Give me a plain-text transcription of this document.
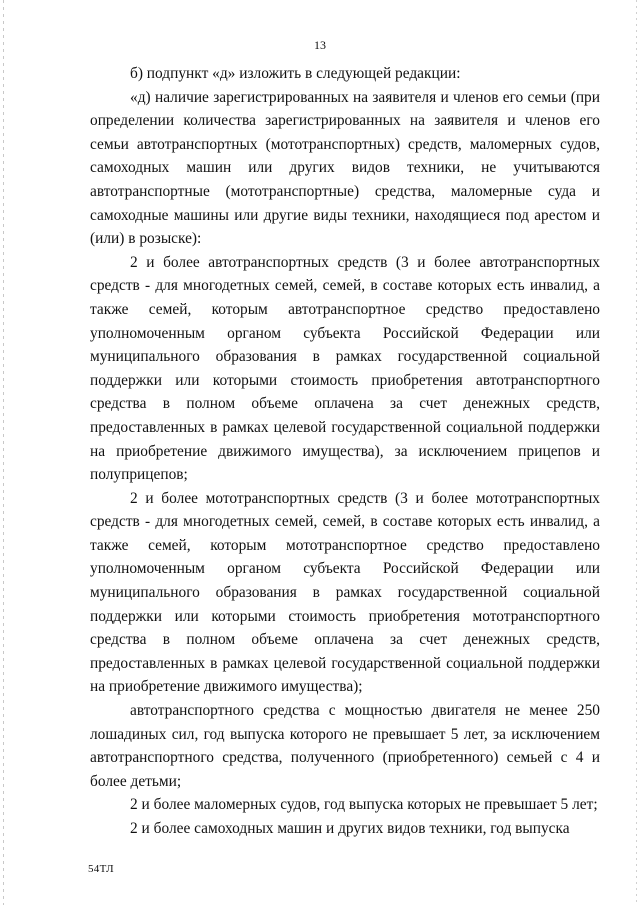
13

б) подпункт «д» изложить в следующей редакции:

«д) наличие зарегистрированных на заявителя и членов его семьи (при определении количества зарегистрированных на заявителя и членов его семьи автотранспортных (мототранспортных) средств, маломерных судов, самоходных машин или других видов техники, не учитываются автотранспортные (мототранспортные) средства, маломерные суда и самоходные машины или другие виды техники, находящиеся под арестом и (или) в розыске):

2 и более автотранспортных средств (3 и более автотранспортных средств - для многодетных семей, семей, в составе которых есть инвалид, а также семей, которым автотранспортное средство предоставлено уполномоченным органом субъекта Российской Федерации или муниципального образования в рамках государственной социальной поддержки или которыми стоимость приобретения автотранспортного средства в полном объеме оплачена за счет денежных средств, предоставленных в рамках целевой государственной социальной поддержки на приобретение движимого имущества), за исключением прицепов и полуприцепов;

2 и более мототранспортных средств (3 и более мототранспортных средств - для многодетных семей, семей, в составе которых есть инвалид, а также семей, которым мототранспортное средство предоставлено уполномоченным органом субъекта Российской Федерации или муниципального образования в рамках государственной социальной поддержки или которыми стоимость приобретения мототранспортного средства в полном объеме оплачена за счет денежных средств, предоставленных в рамках целевой государственной социальной поддержки на приобретение движимого имущества);

автотранспортного средства с мощностью двигателя не менее 250 лошадиных сил, год выпуска которого не превышает 5 лет, за исключением автотранспортного средства, полученного (приобретенного) семьей с 4 и более детьми;

2 и более маломерных судов, год выпуска которых не превышает 5 лет;

2 и более самоходных машин и других видов техники, год выпуска

54ТЛ
